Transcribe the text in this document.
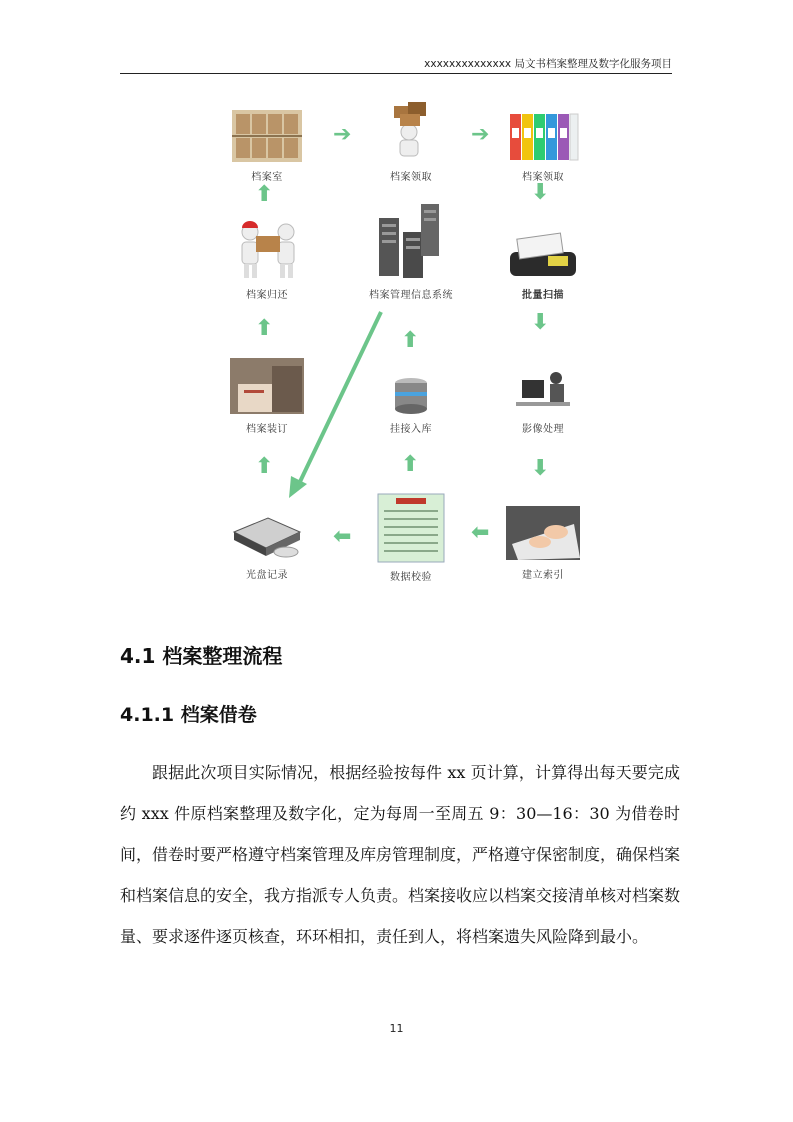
xxxxxxxxxxxxxx 局文书档案整理及数字化服务项目
档案室	档案领取	档案领取
档案归还	档案管理信息系统	批量扫描
档案装订	挂接入库	影像处理
光盘记录	数据校验	建立索引
➔	➔
⬇
⬇
⬇
⬅
⬅
⬆
⬆
⬆
⬆
⬆
4.1 档案整理流程
4.1.1 档案借卷

跟据此次项目实际情况，根据经验按每件 xx 页计算，计算得出每天要完成约 xxx 件原档案整理及数字化，定为每周一至周五 9：30—16：30 为借卷时间，借卷时要严格遵守档案管理及库房管理制度，严格遵守保密制度，确保档案和档案信息的安全，我方指派专人负责。档案接收应以档案交接清单核对档案数量、要求逐件逐页核查，环环相扣，责任到人，将档案遗失风险降到最小。

11
